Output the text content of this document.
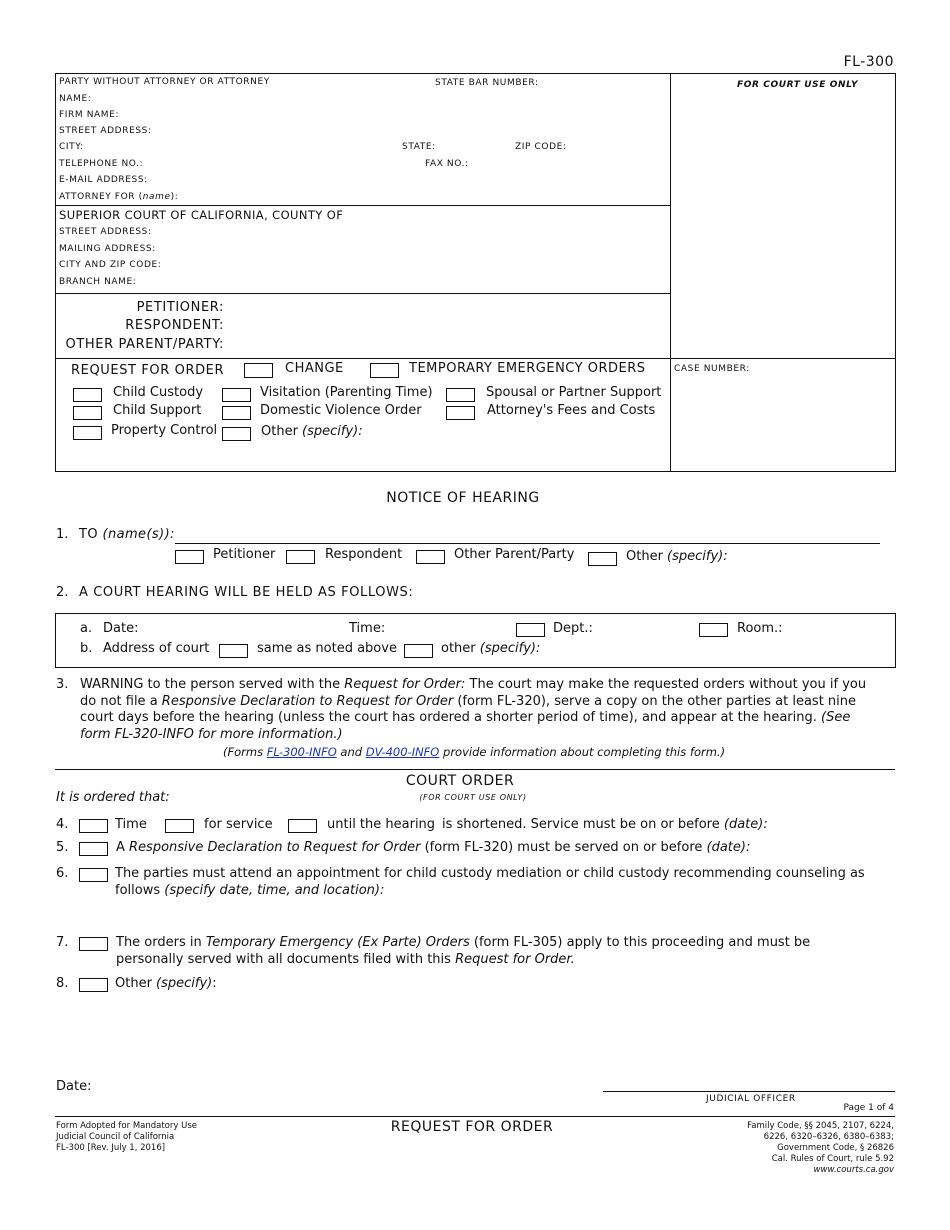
FL-300
PARTY WITHOUT ATTORNEY OR ATTORNEY	STATE BAR NUMBER:
NAME:
FIRM NAME:
STREET ADDRESS:
CITY:	STATE:	ZIP CODE:
TELEPHONE NO.:	FAX NO.:
E-MAIL ADDRESS:
ATTORNEY FOR (name):
FOR COURT USE ONLY
SUPERIOR COURT OF CALIFORNIA, COUNTY OF
STREET ADDRESS:
MAILING ADDRESS:
CITY AND ZIP CODE:
BRANCH NAME:
PETITIONER:
RESPONDENT:
OTHER PARENT/PARTY:
REQUEST FOR ORDER	CHANGE	TEMPORARY EMERGENCY ORDERS	CASE NUMBER:
Child Custody	Visitation (Parenting Time)	Spousal or Partner Support
Child Support	Domestic Violence Order	Attorney's Fees and Costs
Property Control	Other (specify):
NOTICE OF HEARING
1. TO (name(s)):
Petitioner	Respondent	Other Parent/Party	Other (specify):
2. A COURT HEARING WILL BE HELD AS FOLLOWS:
a. Date:	Time:	Dept.:	Room.:
b. Address of court	same as noted above	other (specify):
3. WARNING to the person served with the Request for Order: The court may make the requested orders without you if you do not file a Responsive Declaration to Request for Order (form FL-320), serve a copy on the other parties at least nine court days before the hearing (unless the court has ordered a shorter period of time), and appear at the hearing. (See form FL-320-INFO for more information.)
(Forms FL-300-INFO and DV-400-INFO provide information about completing this form.)
COURT ORDER
(FOR COURT USE ONLY)
It is ordered that:
4.	Time	for service	until the hearing is shortened. Service must be on or before (date):
5.	A Responsive Declaration to Request for Order (form FL-320) must be served on or before (date):
6.	The parties must attend an appointment for child custody mediation or child custody recommending counseling as follows (specify date, time, and location):
7.	The orders in Temporary Emergency (Ex Parte) Orders (form FL-305) apply to this proceeding and must be personally served with all documents filed with this Request for Order.
8.	Other (specify):
Date:
JUDICIAL OFFICER
Page 1 of 4
Form Adopted for Mandatory Use
Judicial Council of California
FL-300 [Rev. July 1, 2016]
REQUEST FOR ORDER	Family Code, §§ 2045, 2107, 6224,
6226, 6320–6326, 6380–6383;
Government Code, § 26826
Cal. Rules of Court, rule 5.92
www.courts.ca.gov
